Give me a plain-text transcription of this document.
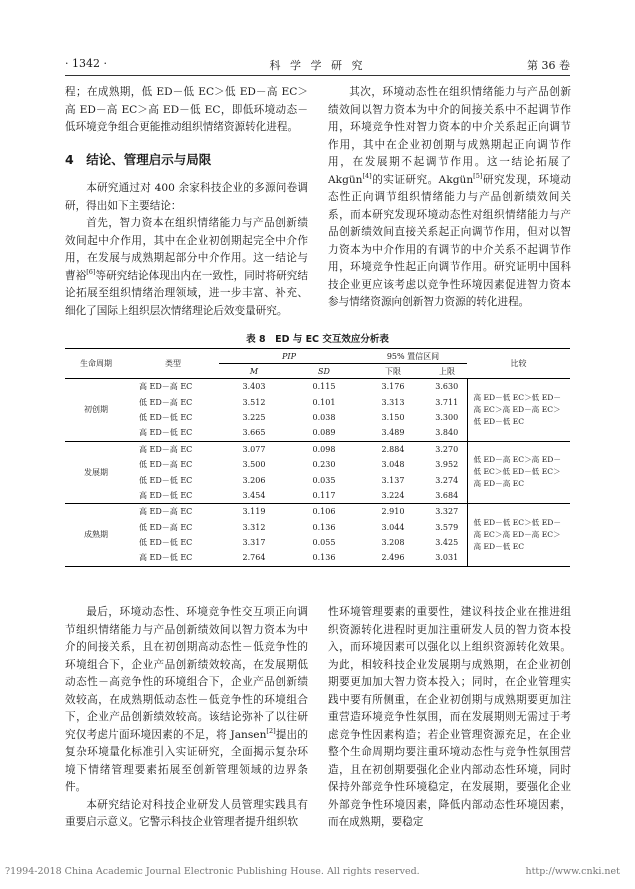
· 1342 ·	科 学 学 研 究	第 36 卷

程；在成熟期，低 ED－低 EC＞低 ED－高 EC＞高 ED－高 EC＞高 ED－低 EC，即低环境动态－低环境竞争组合更能推动组织情绪资源转化进程。

4　结论、管理启示与局限

本研究通过对 400 余家科技企业的多源问卷调研，得出如下主要结论：

首先，智力资本在组织情绪能力与产品创新绩效间起中介作用，其中在企业初创期起完全中介作用，在发展与成熟期起部分中介作用。这一结论与曹裕[6]等研究结论体现出内在一致性，同时将研究结论拓展至组织情绪治理领域，进一步丰富、补充、细化了国际上组织层次情绪理论后效变量研究。

其次，环境动态性在组织情绪能力与产品创新绩效间以智力资本为中介的间接关系中不起调节作用，环境竞争性对智力资本的中介关系起正向调节作用，其中在企业初创期与成熟期起正向调节作用，在发展期不起调节作用。这一结论拓展了 Akgün[4]的实证研究。Akgün[5]研究发现，环境动态性正向调节组织情绪能力与产品创新绩效间关系，而本研究发现环境动态性对组织情绪能力与产品创新绩效间直接关系起正向调节作用，但对以智力资本为中介作用的有调节的中介关系不起调节作用，环境竞争性起正向调节作用。研究证明中国科技企业更应该考虑以竞争性环境因素促进智力资本参与情绪资源向创新智力资源的转化进程。

表 8　ED 与 EC 交互效应分析表
生命周期	类型	PIP		95% 置信区间		比较
		M	SD	下限	上限	
初创期	高 ED－高 EC	3.403	0.115	3.176	3.630	高 ED－低 EC＞低 ED－高 EC＞高 ED－高 EC＞低 ED－低 EC
	低 ED－高 EC	3.512	0.101	3.313	3.711	
	低 ED－低 EC	3.225	0.038	3.150	3.300	
	高 ED－低 EC	3.665	0.089	3.489	3.840	
发展期	高 ED－高 EC	3.077	0.098	2.884	3.270	低 ED－高 EC＞高 ED－低 EC＞低 ED－低 EC＞高 ED－高 EC
	低 ED－高 EC	3.500	0.230	3.048	3.952	
	低 ED－低 EC	3.206	0.035	3.137	3.274	
	高 ED－低 EC	3.454	0.117	3.224	3.684	
成熟期	高 ED－高 EC	3.119	0.106	2.910	3.327	低 ED－低 EC＞低 ED－高 EC＞高 ED－高 EC＞高 ED－低 EC
	低 ED－高 EC	3.312	0.136	3.044	3.579	
	低 ED－低 EC	3.317	0.055	3.208	3.425	
	高 ED－低 EC	2.764	0.136	2.496	3.031	

最后，环境动态性、环境竞争性交互项正向调节组织情绪能力与产品创新绩效间以智力资本为中介的间接关系，且在初创期高动态性－低竞争性的环境组合下，企业产品创新绩效较高，在发展期低动态性－高竞争性的环境组合下，企业产品创新绩效较高，在成熟期低动态性－低竞争性的环境组合下，企业产品创新绩效较高。该结论弥补了以往研究仅考虑片面环境因素的不足，将 Jansen[2]提出的复杂环境量化标准引入实证研究，全面揭示复杂环境下情绪管理要素拓展至创新管理领域的边界条件。

本研究结论对科技企业研发人员管理实践具有重要启示意义。它警示科技企业管理者提升组织软

性环境管理要素的重要性，建议科技企业在推进组织资源转化进程时更加注重研发人员的智力资本投入，而环境因素可以强化以上组织资源转化效果。为此，相较科技企业发展期与成熟期，在企业初创期要更加加大智力资本投入；同时，在企业管理实践中要有所侧重，在企业初创期与成熟期要更加注重营造环境竞争性氛围，而在发展期则无需过于考虑竞争性因素构造；若企业管理资源充足，在企业整个生命周期均要注重环境动态性与竞争性氛围营造，且在初创期要强化企业内部动态性环境，同时保持外部竞争性环境稳定，在发展期，要强化企业外部竞争性环境因素，降低内部动态性环境因素，而在成熟期，要稳定

?1994-2018 China Academic Journal Electronic Publishing House. All rights reserved.	http://www.cnki.net
